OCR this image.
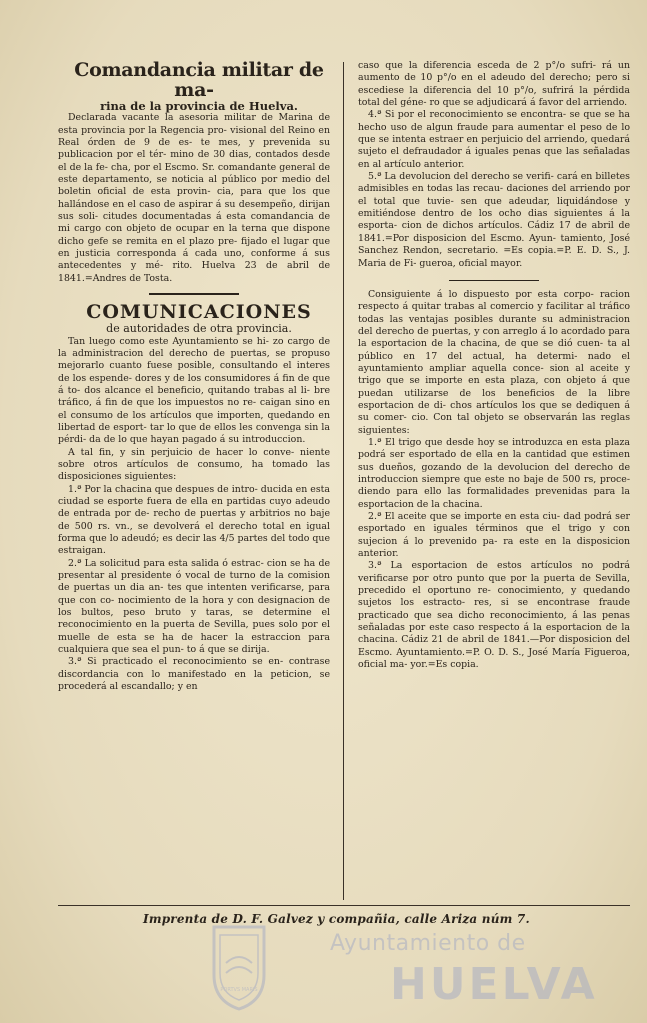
Comandancia militar de ma-

rina de la provincia de Huelva.

Declarada vacante la asesoria militar de Marina de esta provincia por la Regencia pro- visional del Reino en Real órden de 9 de es- te mes, y prevenida su publicacion por el tér- mino de 30 dias, contados desde el de la fe- cha, por el Escmo. Sr. comandante general de este departamento, se noticia al público por medio del boletin oficial de esta provin- cia, para que los que hallándose en el caso de aspirar á su desempeño, dirijan sus soli- citudes documentadas á esta comandancia de mi cargo con objeto de ocupar en la terna que dispone dicho gefe se remita en el plazo pre- fijado el lugar que en justicia corresponda á cada uno, conforme á sus antecedentes y mé- rito. Huelva 23 de abril de 1841.=Andres de Tosta.

COMUNICACIONES

de autoridades de otra provincia.

Tan luego como este Ayuntamiento se hi- zo cargo de la administracion del derecho de puertas, se propuso mejorarlo cuanto fuese posible, consultando el interes de los espende- dores y de los consumidores á fin de que á to- dos alcance el beneficio, quitando trabas al li- bre tráfico, á fin de que los impuestos no re- caigan sino en el consumo de los artículos que importen, quedando en libertad de esport- tar lo que de ellos les convenga sin la pérdi- da de lo que hayan pagado á su introduccion.

A tal fin, y sin perjuicio de hacer lo conve- niente sobre otros artículos de consumo, ha tomado las disposiciones siguientes:

1.ª Por la chacina que despues de intro- ducida en esta ciudad se esporte fuera de ella en partidas cuyo adeudo de entrada por de- recho de puertas y arbitrios no baje de 500 rs. vn., se devolverá el derecho total en igual forma que lo adeudó; es decir las 4/5 partes del todo que estraigan.

2.ª La solicitud para esta salida ó estrac- cion se ha de presentar al presidente ó vocal de turno de la comision de puertas un dia an- tes que intenten verificarse, para que con co- nocimiento de la hora y con designacion de los bultos, peso bruto y taras, se determine el reconocimiento en la puerta de Sevilla, pues solo por el muelle de esta se ha de hacer la estraccion para cualquiera que sea el pun- to á que se dirija.

3.ª Si practicado el reconocimiento se en- contrase discordancia con lo manifestado en la peticion, se procederá al escandallo; y en

caso que la diferencia esceda de 2 p°/o sufri- rá un aumento de 10 p°/o en el adeudo del derecho; pero si escediese la diferencia del 10 p°/o, sufrirá la pérdida total del géne- ro que se adjudicará á favor del arriendo.

4.ª Si por el reconocimiento se encontra- se que se ha hecho uso de algun fraude para aumentar el peso de lo que se intenta estraer en perjuicio del arriendo, quedará sujeto el defraudador á iguales penas que las señaladas en al artículo anterior.

5.ª La devolucion del derecho se verifi- cará en billetes admisibles en todas las recau- daciones del arriendo por el total que tuvie- sen que adeudar, liquidándose y emitiéndose dentro de los ocho dias siguientes á la esporta- cion de dichos artículos. Cádiz 17 de abril de 1841.=Por disposicion del Escmo. Ayun- tamiento, José Sanchez Rendon, secretario. =Es copia.=P. E. D. S., J. Maria de Fi- gueroa, oficial mayor.

Consiguiente á lo dispuesto por esta corpo- racion respecto á quitar trabas al comercio y facilitar al tráfico todas las ventajas posibles durante su administracion del derecho de puertas, y con arreglo á lo acordado para la esportacion de la chacina, de que se dió cuen- ta al público en 17 del actual, ha determi- nado el ayuntamiento ampliar aquella conce- sion al aceite y trigo que se importe en esta plaza, con objeto á que puedan utilizarse de los beneficios de la libre esportacion de di- chos artículos los que se dediquen á su comer- cio. Con tal objeto se observarán las reglas siguientes:

1.ª El trigo que desde hoy se introduzca en esta plaza podrá ser esportado de ella en la cantidad que estimen sus dueños, gozando de la devolucion del derecho de introduccion siempre que este no baje de 500 rs, proce- diendo para ello las formalidades prevenidas para la esportacion de la chacina.

2.ª El aceite que se importe en esta ciu- dad podrá ser esportado en iguales términos que el trigo y con sujecion á lo prevenido pa- ra este en la disposicion anterior.

3.ª La esportacion de estos artículos no podrá verificarse por otro punto que por la puerta de Sevilla, precedido el oportuno re- conocimiento, y quedando sujetos los estracto- res, si se encontrase fraude practicado que sea dicho reconocimiento, á las penas señaladas por este caso respecto á la esportacion de la chacina. Cádiz 21 de abril de 1841.—Por disposicion del Escmo. Ayuntamiento.=P. O. D. S., José María Figueroa, oficial ma- yor.=Es copia.

Imprenta de D. F. Galvez y compañia, calle Ariza núm 7.
PORTVS MARIS
Ayuntamiento de
HUELVA
